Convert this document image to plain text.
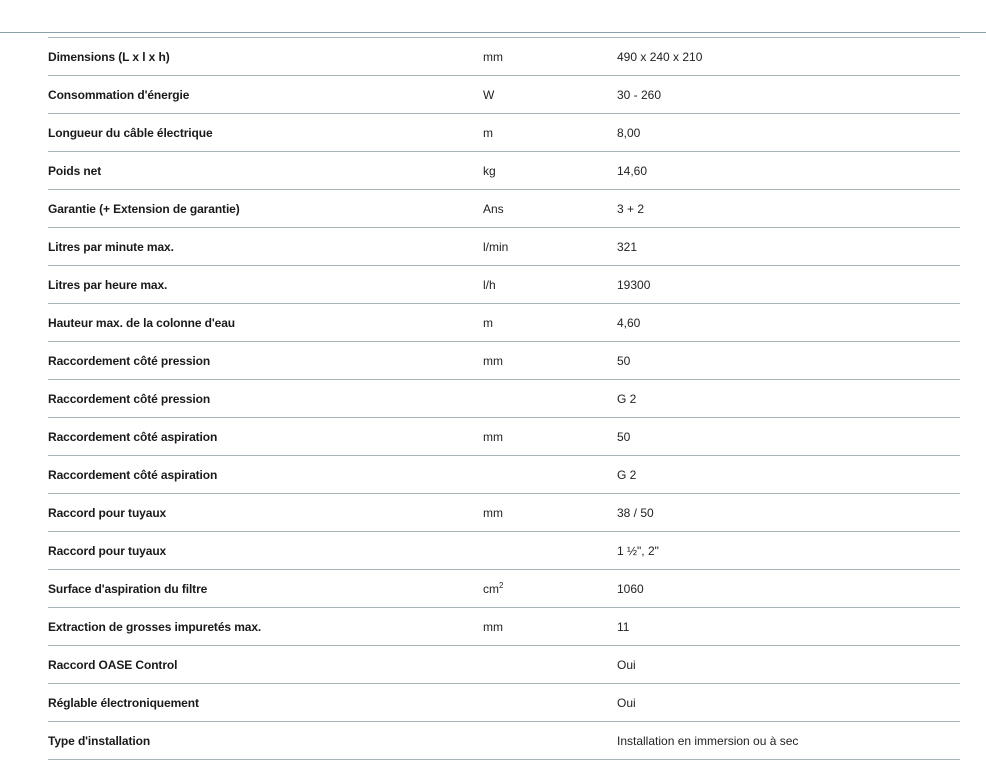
Dimensions (L x l x h)	mm	490 x 240 x 210
Consommation d'énergie	W	30 - 260
Longueur du câble électrique	m	8,00
Poids net	kg	14,60
Garantie (+ Extension de garantie)	Ans	3 + 2
Litres par minute max.	l/min	321
Litres par heure max.	l/h	19300
Hauteur max. de la colonne d'eau	m	4,60
Raccordement côté pression	mm	50
Raccordement côté pression		G 2
Raccordement côté aspiration	mm	50
Raccordement côté aspiration		G 2
Raccord pour tuyaux	mm	38 / 50
Raccord pour tuyaux		1 ½", 2"
Surface d'aspiration du filtre	$cm^2$	1060
Extraction de grosses impuretés max.	mm	11
Raccord OASE Control		Oui
Réglable électroniquement		Oui
Type d'installation		Installation en immersion ou à sec
